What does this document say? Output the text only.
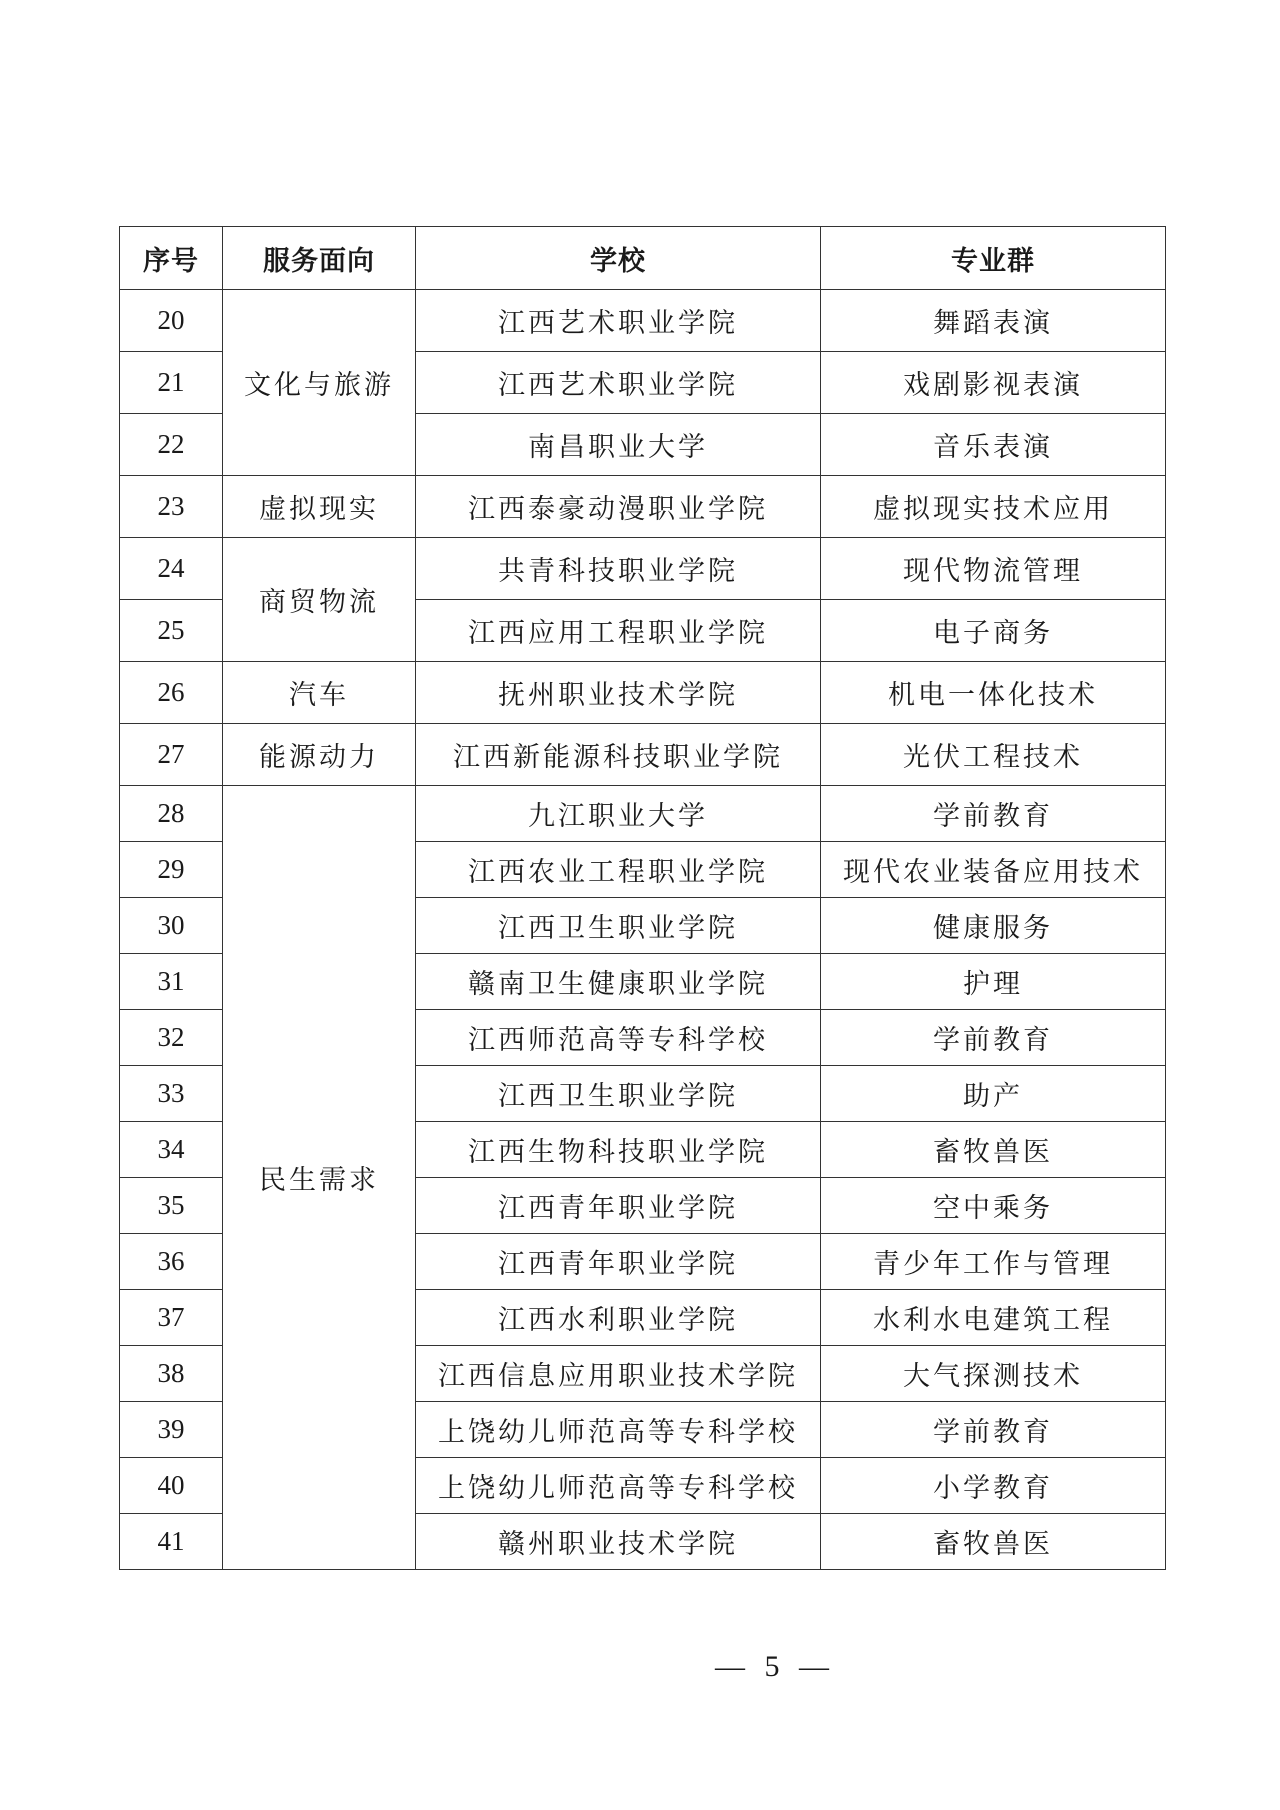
序号	服务面向	学校	专业群
20	文化与旅游	江西艺术职业学院	舞蹈表演
21		江西艺术职业学院	戏剧影视表演
22		南昌职业大学	音乐表演
23	虚拟现实	江西泰豪动漫职业学院	虚拟现实技术应用
24	商贸物流	共青科技职业学院	现代物流管理
25		江西应用工程职业学院	电子商务
26	汽车	抚州职业技术学院	机电一体化技术
27	能源动力	江西新能源科技职业学院	光伏工程技术
28	民生需求	九江职业大学	学前教育
29		江西农业工程职业学院	现代农业装备应用技术
30		江西卫生职业学院	健康服务
31		赣南卫生健康职业学院	护理
32		江西师范高等专科学校	学前教育
33		江西卫生职业学院	助产
34		江西生物科技职业学院	畜牧兽医
35		江西青年职业学院	空中乘务
36		江西青年职业学院	青少年工作与管理
37		江西水利职业学院	水利水电建筑工程
38		江西信息应用职业技术学院	大气探测技术
39		上饶幼儿师范高等专科学校	学前教育
40		上饶幼儿师范高等专科学校	小学教育
41		赣州职业技术学院	畜牧兽医
— 5 —
